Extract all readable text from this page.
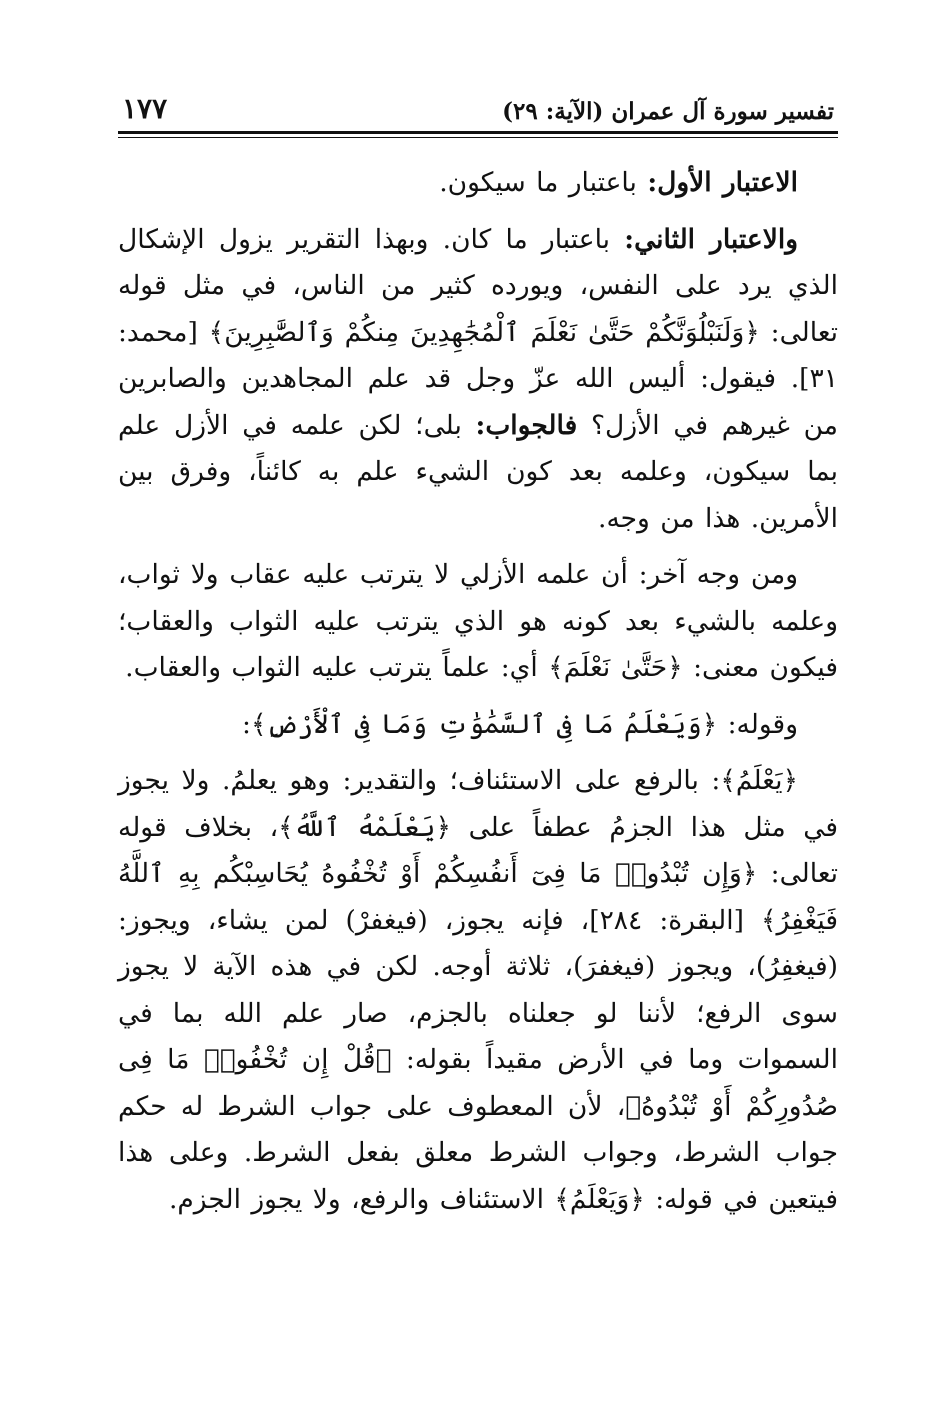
تفسير سورة آل عمران (الآية: ٢٩)
١٧٧

الاعتبار الأول: باعتبار ما سيكون.

والاعتبار الثاني: باعتبار ما كان. وبهذا التقرير يزول الإشكال الذي يرد على النفس، ويورده كثير من الناس، في مثل قوله تعالى: ﴿وَلَنَبْلُوَنَّكُمْ حَتَّىٰ نَعْلَمَ ٱلْمُجَٰهِدِينَ مِنكُمْ وَٱلصَّٰبِرِينَ﴾ [محمد: ٣١]. فيقول: أليس الله عزّ وجل قد علم المجاهدين والصابرين من غيرهم في الأزل؟ فالجواب: بلى؛ لكن علمه في الأزل علم بما سيكون، وعلمه بعد كون الشيء علم به كائناً، وفرق بين الأمرين. هذا من وجه.

ومن وجه آخر: أن علمه الأزلي لا يترتب عليه عقاب ولا ثواب، وعلمه بالشيء بعد كونه هو الذي يترتب عليه الثواب والعقاب؛ فيكون معنى: ﴿حَتَّىٰ نَعْلَمَ﴾ أي: علماً يترتب عليه الثواب والعقاب.

وقوله: ﴿وَيَعْلَمُ مَا فِى ٱلسَّمَٰوَٰتِ وَمَا فِى ٱلْأَرْضِ﴾:

﴿يَعْلَمُ﴾: بالرفع على الاستئناف؛ والتقدير: وهو يعلمُ. ولا يجوز في مثل هذا الجزمُ عطفاً على ﴿يَعْلَمْهُ ٱللَّهُ﴾، بخلاف قوله تعالى: ﴿وَإِن تُبْدُوا۟ مَا فِىٓ أَنفُسِكُمْ أَوْ تُخْفُوهُ يُحَاسِبْكُم بِهِ ٱللَّهُ فَيَغْفِرُ﴾ [البقرة: ٢٨٤]، فإنه يجوز، (فيغفرْ) لمن يشاء، ويجوز: (فيغفِرُ)، ويجوز (فيغفرَ)، ثلاثة أوجه. لكن في هذه الآية لا يجوز سوى الرفع؛ لأننا لو جعلناه بالجزم، صار علم الله بما في السموات وما في الأرض مقيداً بقوله: ﴿قُلْ إِن تُخْفُوا۟ مَا فِى صُدُورِكُمْ أَوْ تُبْدُوهُ﴾، لأن المعطوف على جواب الشرط له حكم جواب الشرط، وجواب الشرط معلق بفعل الشرط. وعلى هذا فيتعين في قوله: ﴿وَيَعْلَمُ﴾ الاستئناف والرفع، ولا يجوز الجزم.
